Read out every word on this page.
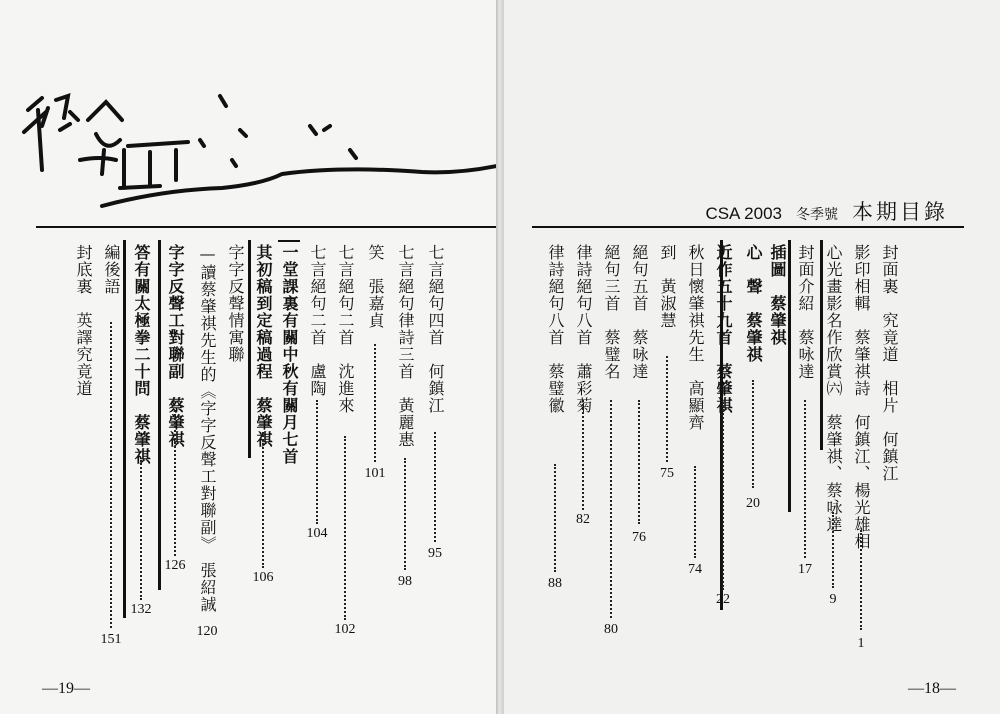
七言絕句四首　何鎮江
95
七言絕句律詩三首　黃麗惠
98
笑　張嘉貞
101
七言絕句二首　沈進來
102
七言絕句二首　盧陶
104
一堂課裏有關中秋有關月七首
其初稿到定稿過程　蔡肇祺
106
字字反聲情寓聯
—讀蔡肇祺先生的《字字反聲工對聯副》　張紹誠
120
字字反聲工對聯副　蔡肇祺
126
答有關太極拳二十問　蔡肇祺
132
編後語
151
封底裏　英譯究竟道
—19—
CSA 2003 冬季號 本期目錄
封面裏　究竟道　相片　何鎮江
影印相輯　蔡肇祺詩　何鎮江、楊光雄相
1
心光畫影名作欣賞㈥　蔡肇祺、蔡咏達
9
封面介紹　蔡咏達
17
插圖　蔡肇祺
心　聲　蔡肇祺
20
近作五十九首　蔡肇祺
22
秋日懷肇祺先生　高顯齊
74
到　黃淑慧
75
絕句五首　蔡咏達
76
絕句三首　蔡璧名
80
律詩絕句八首　蕭彩菊
82
律詩絕句八首　蔡璧徽
88
—18—
